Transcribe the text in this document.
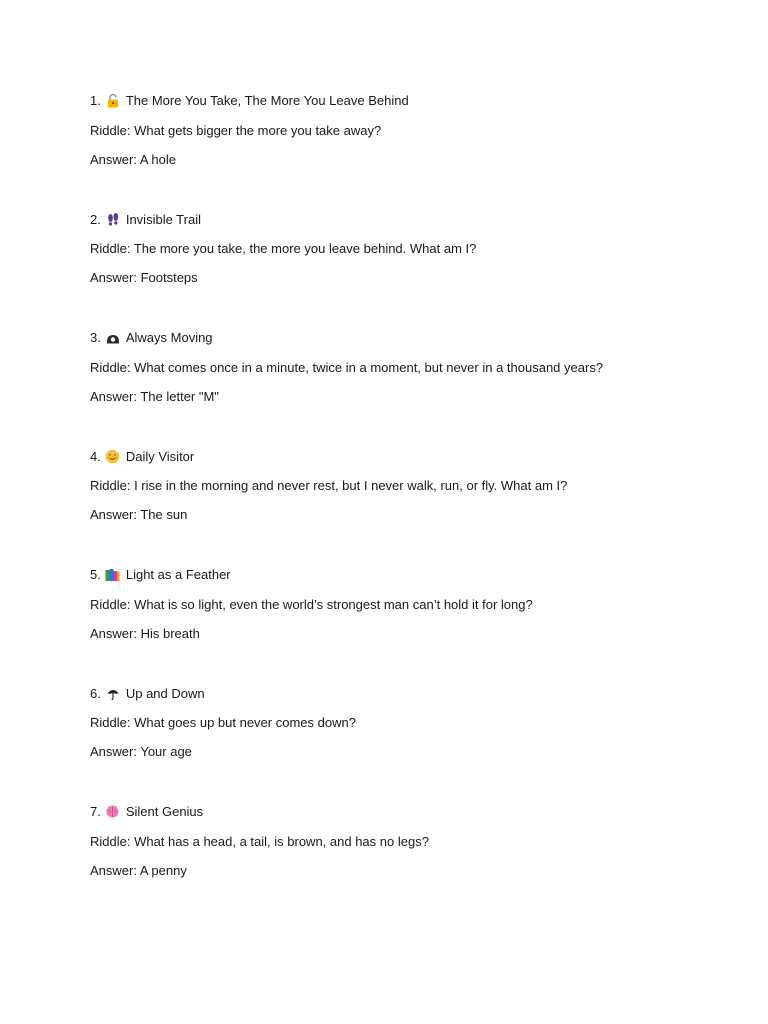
1. The More You Take, The More You Leave Behind
Riddle: What gets bigger the more you take away?
Answer: A hole
2. Invisible Trail
Riddle: The more you take, the more you leave behind. What am I?
Answer: Footsteps
3. Always Moving
Riddle: What comes once in a minute, twice in a moment, but never in a thousand years?
Answer: The letter "M"
4. Daily Visitor
Riddle: I rise in the morning and never rest, but I never walk, run, or fly. What am I?
Answer: The sun
5. Light as a Feather
Riddle: What is so light, even the world’s strongest man can’t hold it for long?
Answer: His breath
6. Up and Down
Riddle: What goes up but never comes down?
Answer: Your age
7. Silent Genius
Riddle: What has a head, a tail, is brown, and has no legs?
Answer: A penny
